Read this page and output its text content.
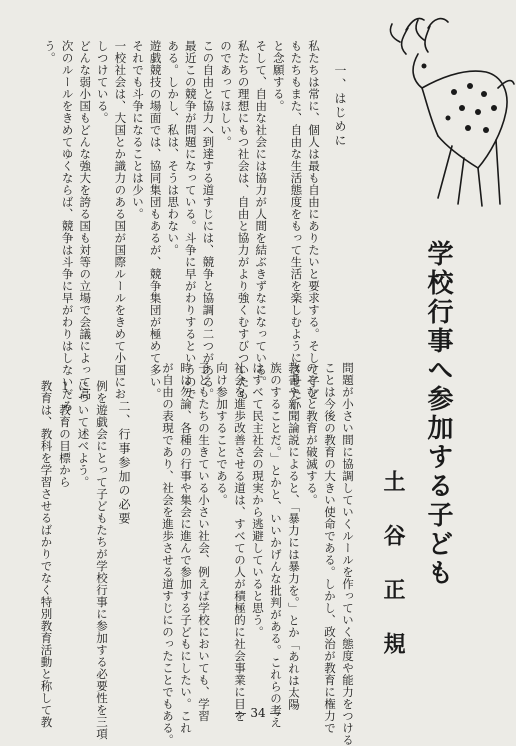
一、はじめに
私たちは常に、個人は最も自由にありたいと要求する。そして子ど
もたちもまた、自由な生活態度をもって生活を楽しむようにさせたい
と念願する。
そして、自由な社会には協力が人間を結ぶきずなになっている。
私たちの理想にもつ社会は、自由と協力がより強くむすびついたも
のであってほしい。
この自由と協力へ到達する道すじには、競争と協調の二つがある。
最近この競争が問題になっている。斗争に早がわりするというので
ある。しかし、私は、そうは思わない。
遊戯競技の場面では、協同集団もあるが、競争集団が極めて多い。
それでも斗争になることは少い。
一校社会は、大国とか識力のある国が国際ルールをきめて小国にお
しつけている。
どんな弱小国もどんな強大を誇る国も対等の立場で会議によって高
次のルールをきめてゆくならば、競争は斗争に早がわりはしないだろ
う。
学校行事へ参加する子ども
土谷正規
問題が小さい間に協調していくルールを作っていく態度や能力をつける
ことは今後の教育の大きい使命である。しかし、政治が教育に権力で
のぞむと教育が破滅する。
教書や新聞論説によると、「暴力には暴力を。」とか「あれは太陽
族のすることだ。」とかと、いいかげんな批判がある。これらの考え
はすべて民主社会の現実から逃避していると思う。
社会を進歩改善させる道は、すべての人が積極的に社会事業に目を
向け参加することである。
子どもたちの生きている小さい社会、例えば学校においても、学習
時は勿論、各種の行事や集会に進んで参加する子どもにしたい。これ
が自由の表現であり、社会を進歩させる道すじにのったことでもある。
二、行事参加の必要
例を遊戯会にとって子どもたちが学校行事に参加する必要性を三項
について述べよう。
１、教育の目標から
教育は、教科を学習させるばかりでなく特別教育活動と称して教	— 34 —
